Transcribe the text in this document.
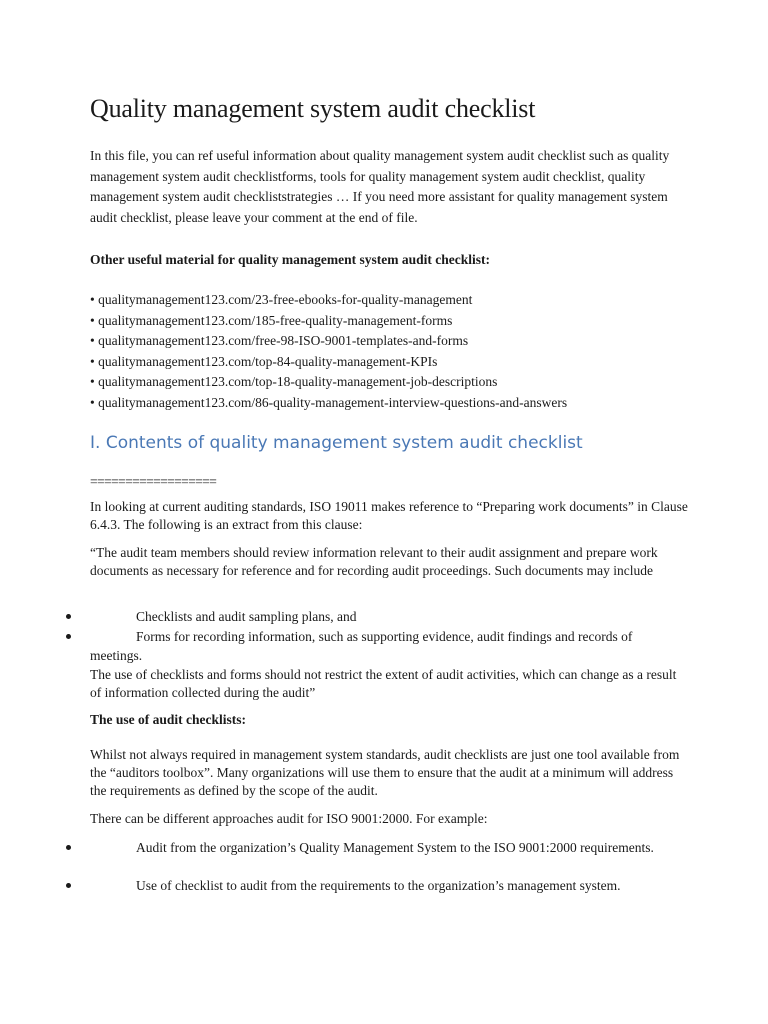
Quality management system audit checklist

In this file, you can ref useful information about quality management system audit checklist such as quality management system audit checklistforms, tools for quality management system audit checklist, quality management system audit checkliststrategies … If you need more assistant for quality management system audit checklist, please leave your comment at the end of file.

Other useful material for quality management system audit checklist:

• qualitymanagement123.com/23-free-ebooks-for-quality-management
• qualitymanagement123.com/185-free-quality-management-forms
• qualitymanagement123.com/free-98-ISO-9001-templates-and-forms
• qualitymanagement123.com/top-84-quality-management-KPIs
• qualitymanagement123.com/top-18-quality-management-job-descriptions
• qualitymanagement123.com/86-quality-management-interview-questions-and-answers
I. Contents of quality management system audit checklist
==================

In looking at current auditing standards, ISO 19011 makes reference to “Preparing work documents” in Clause 6.4.3. The following is an extract from this clause:

“The audit team members should review information relevant to their audit assignment and prepare work documents as necessary for reference and for recording audit proceedings. Such documents may include

Checklists and audit sampling plans, and
Forms for recording information, such as supporting evidence, audit findings and records of meetings.

The use of checklists and forms should not restrict the extent of audit activities, which can change as a result of information collected during the audit”

The use of audit checklists:

Whilst not always required in management system standards, audit checklists are just one tool available from the “auditors toolbox”. Many organizations will use them to ensure that the audit at a minimum will address the requirements as defined by the scope of the audit.

There can be different approaches audit for ISO 9001:2000. For example:

Audit from the organization’s Quality Management System to the ISO 9001:2000 requirements.
Use of checklist to audit from the requirements to the organization’s management system.
